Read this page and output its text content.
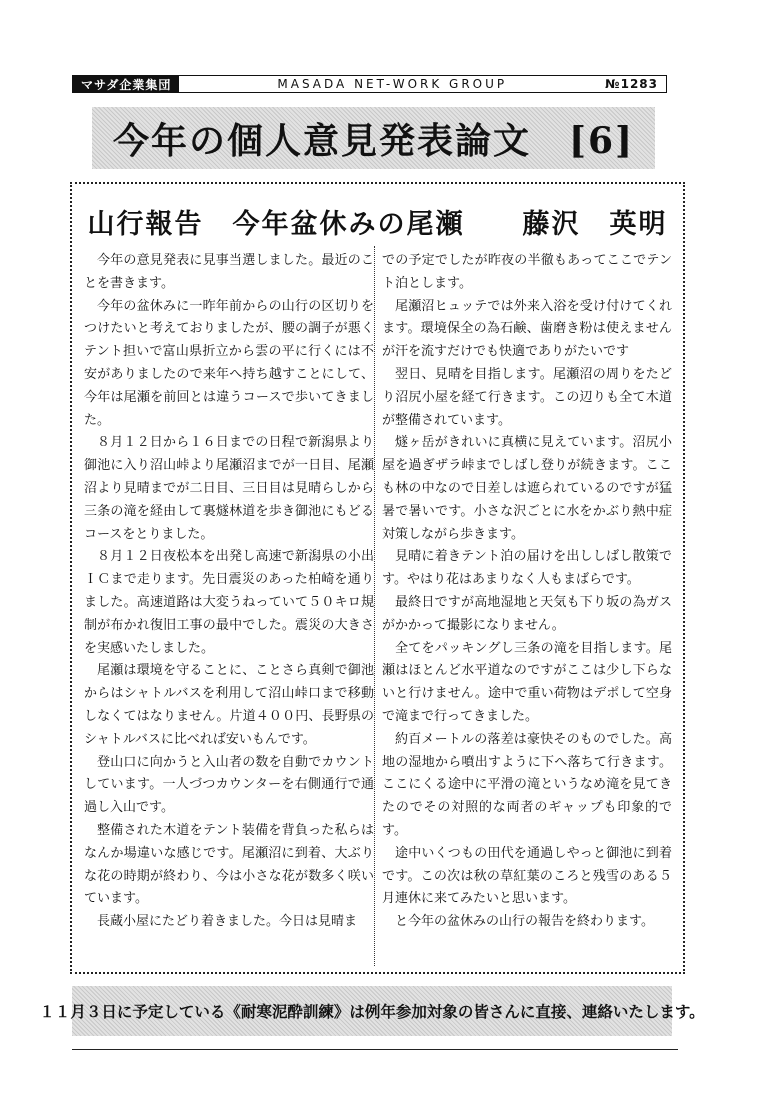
マサダ企業集団	MASADA NET-WORK GROUP	№1283
今年の個人意見発表論文　[6]
山行報告　今年盆休みの尾瀬　　藤沢　英明

今年の意見発表に見事当選しました。最近のことを書きます。

今年の盆休みに一昨年前からの山行の区切りをつけたいと考えておりましたが、腰の調子が悪くテント担いで富山県折立から雲の平に行くには不安がありましたので来年へ持ち越すことにして、今年は尾瀬を前回とは違うコースで歩いてきました。

８月１２日から１６日までの日程で新潟県より御池に入り沼山峠より尾瀬沼までが一日目、尾瀬沼より見晴までが二日目、三日目は見晴らしから三条の滝を経由して裏燧林道を歩き御池にもどるコースをとりました。

８月１２日夜松本を出発し高速で新潟県の小出ＩＣまで走ります。先日震災のあった柏崎を通りました。高速道路は大変うねっていて５０キロ規制が布かれ復旧工事の最中でした。震災の大きさを実感いたしました。

尾瀬は環境を守ることに、ことさら真剣で御池からはシャトルバスを利用して沼山峠口まで移動しなくてはなりません。片道４００円、長野県のシャトルバスに比べれば安いもんです。

登山口に向かうと入山者の数を自動でカウントしています。一人づつカウンターを右側通行で通過し入山です。

整備された木道をテント装備を背負った私らはなんか場違いな感じです。尾瀬沼に到着、大ぶりな花の時期が終わり、今は小さな花が数多く咲いています。

長蔵小屋にたどり着きました。今日は見晴ま

での予定でしたが昨夜の半徹もあってここでテント泊とします。

尾瀬沼ヒュッテでは外来入浴を受け付けてくれます。環境保全の為石鹸、歯磨き粉は使えませんが汗を流すだけでも快適でありがたいです

翌日、見晴を目指します。尾瀬沼の周りをたどり沼尻小屋を経て行きます。この辺りも全て木道が整備されています。

燧ヶ岳がきれいに真横に見えています。沼尻小屋を過ぎザラ峠までしばし登りが続きます。ここも林の中なので日差しは遮られているのですが猛暑で暑いです。小さな沢ごとに水をかぶり熱中症対策しながら歩きます。

見晴に着きテント泊の届けを出ししばし散策です。やはり花はあまりなく人もまばらです。

最終日ですが高地湿地と天気も下り坂の為ガスがかかって撮影になりません。

全てをパッキングし三条の滝を目指します。尾瀬はほとんど水平道なのですがここは少し下らないと行けません。途中で重い荷物はデポして空身で滝まで行ってきました。

約百メートルの落差は豪快そのものでした。高地の湿地から噴出すように下へ落ちて行きます。ここにくる途中に平滑の滝というなめ滝を見てきたのでその対照的な両者のギャップも印象的です。

途中いくつもの田代を通過しやっと御池に到着です。この次は秋の草紅葉のころと残雪のある５月連休に来てみたいと思います。

と今年の盆休みの山行の報告を終わります。

１１月３日に予定している《耐寒泥酔訓練》は例年参加対象の皆さんに直接、連絡いたします。
